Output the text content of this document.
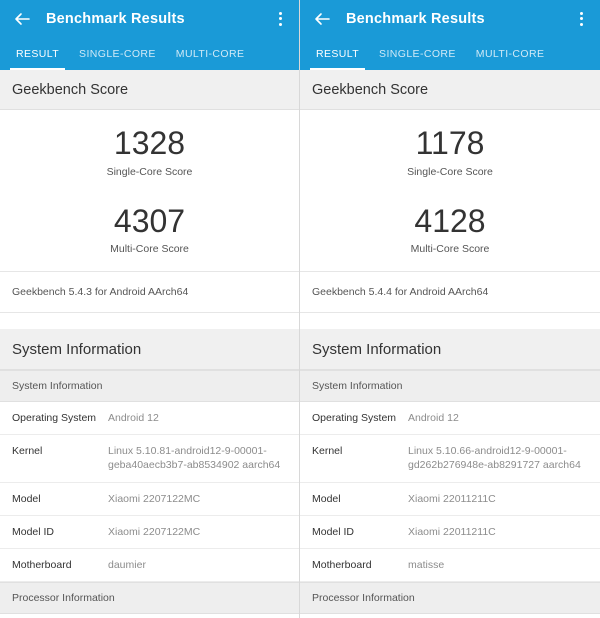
Benchmark Results
RESULT	SINGLE-CORE	MULTI-CORE
Geekbench Score
1328
Single-Core Score
4307
Multi-Core Score
Geekbench 5.4.3 for Android AArch64
System Information
System Information
Operating System	Android 12
Kernel	Linux 5.10.81-android12-9-00001-geba40aecb3b7-ab8534902 aarch64
Model	Xiaomi 2207122MC
Model ID	Xiaomi 2207122MC
Motherboard	daumier
Processor Information
Benchmark Results
RESULT	SINGLE-CORE	MULTI-CORE
Geekbench Score
1178
Single-Core Score
4128
Multi-Core Score
Geekbench 5.4.4 for Android AArch64
System Information
System Information
Operating System	Android 12
Kernel	Linux 5.10.66-android12-9-00001-gd262b276948e-ab8291727 aarch64
Model	Xiaomi 22011211C
Model ID	Xiaomi 22011211C
Motherboard	matisse
Processor Information
